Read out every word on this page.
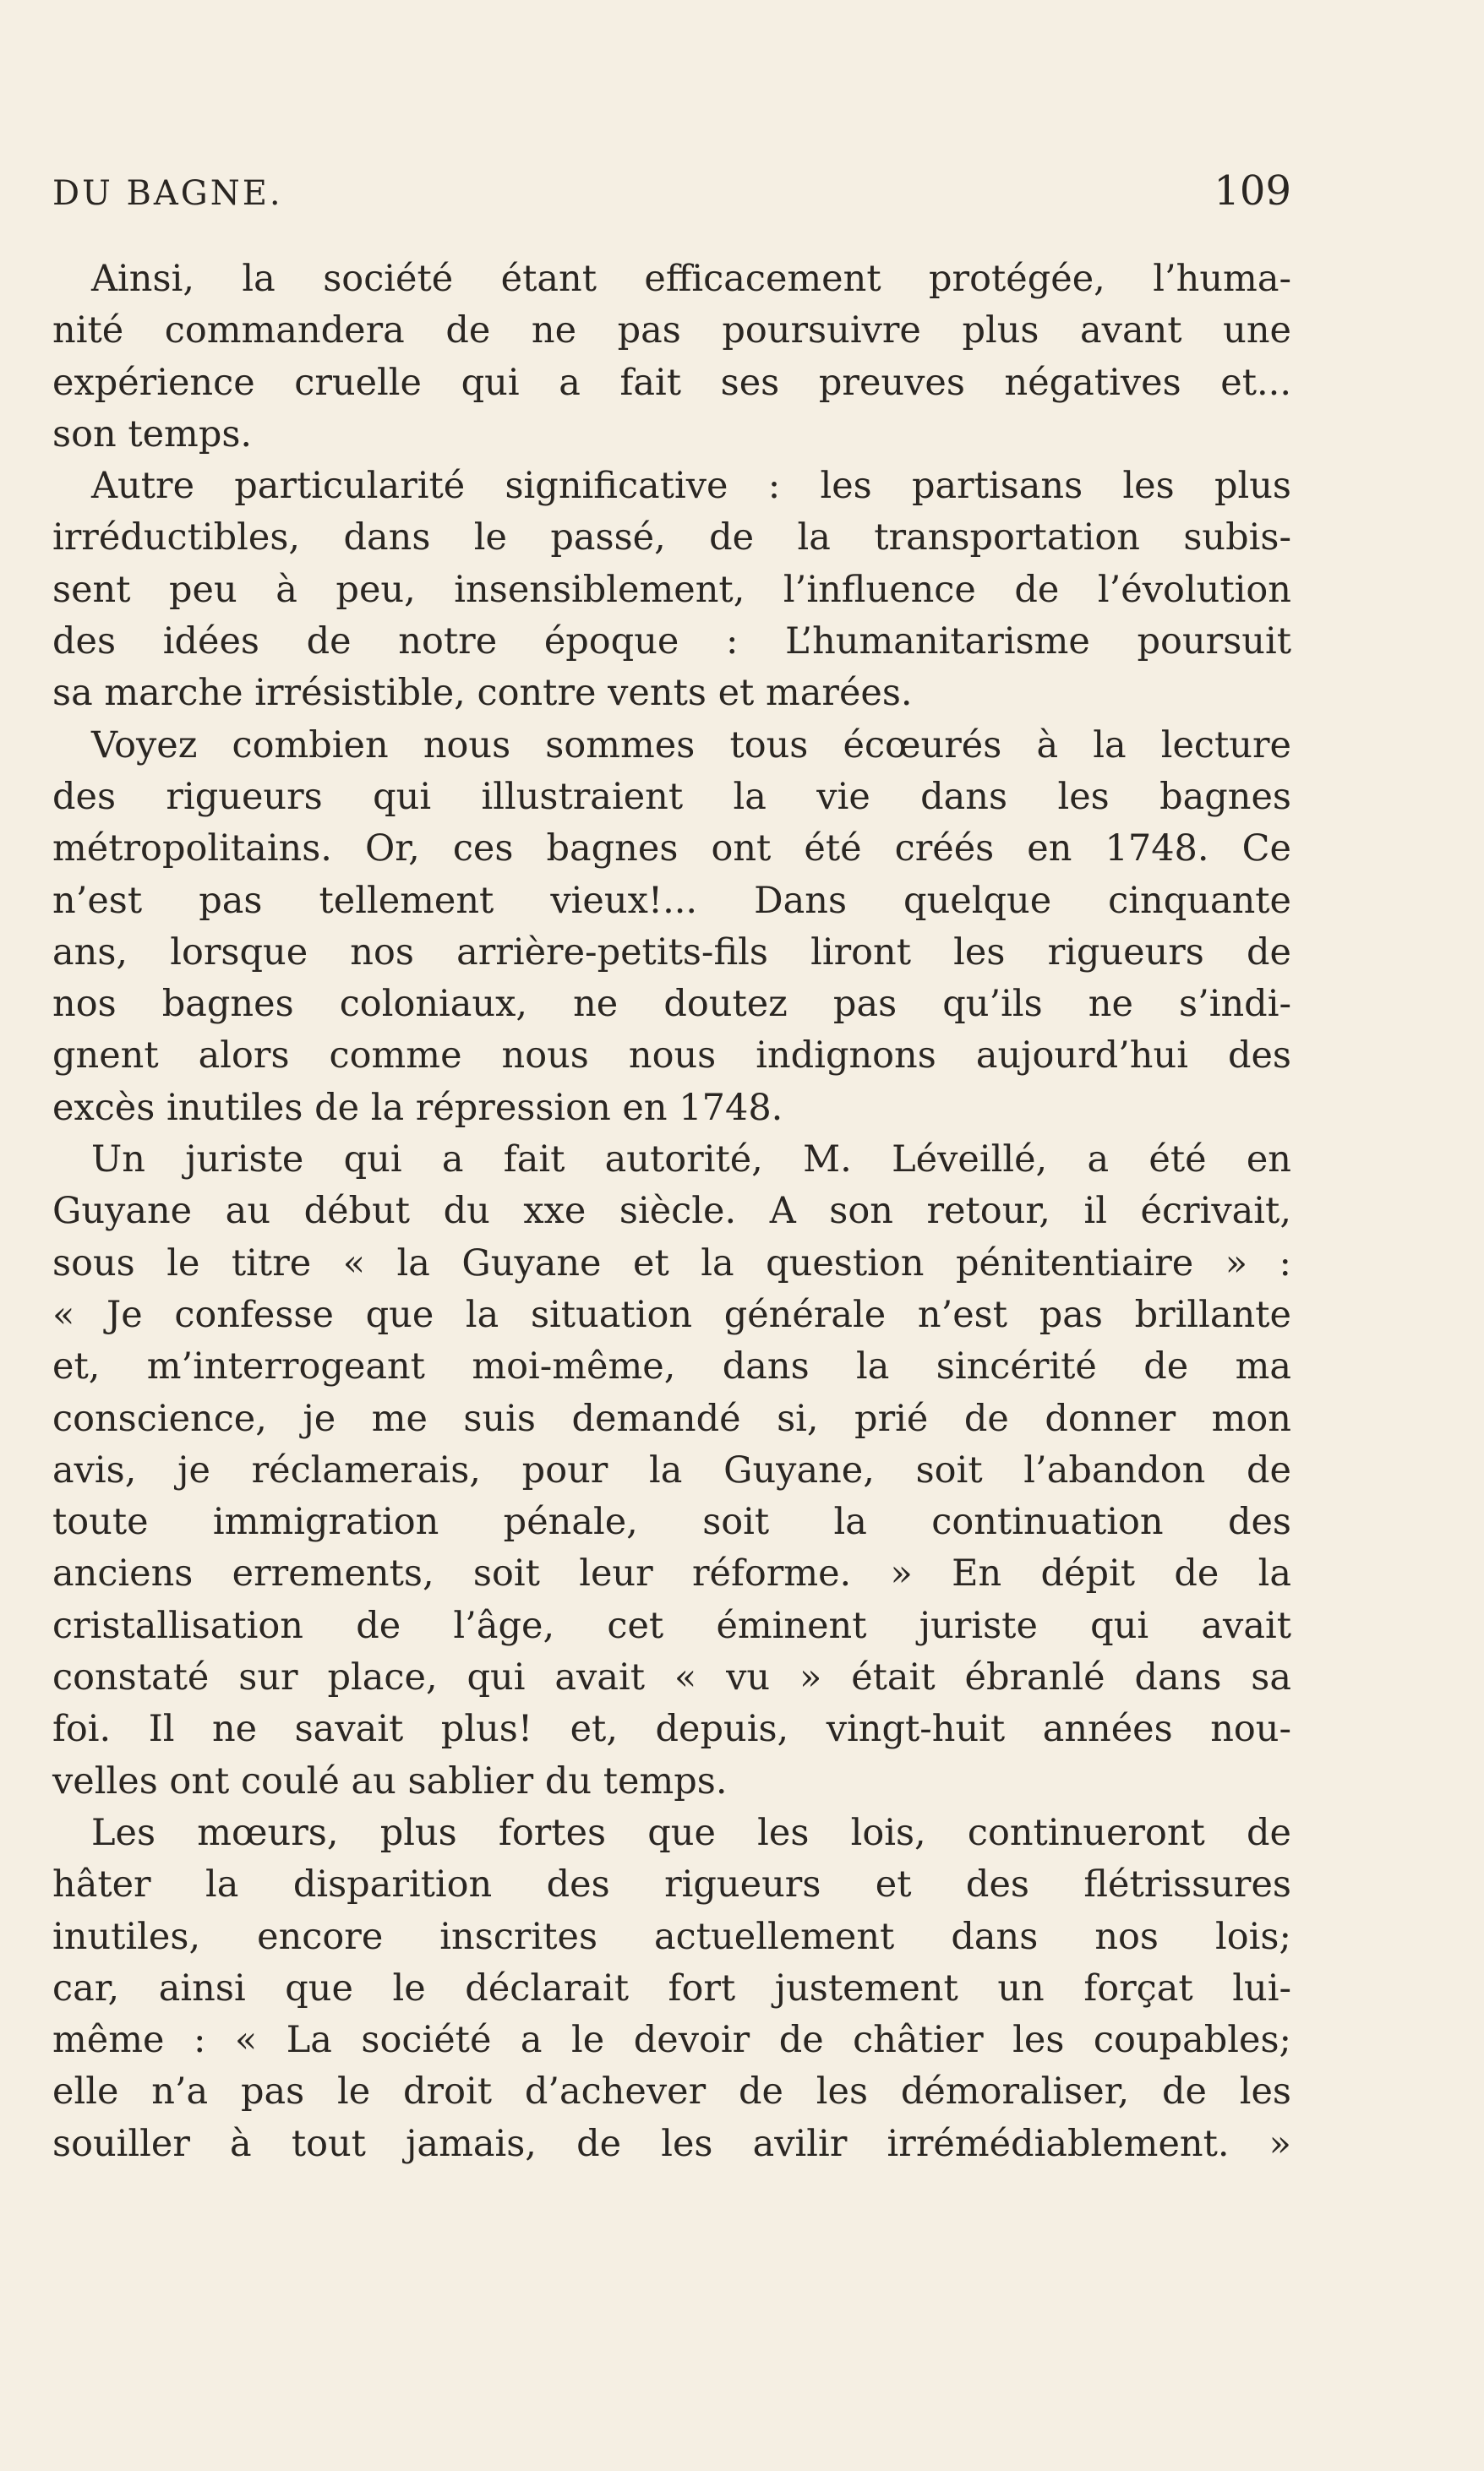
DU BAGNE.	109
Ainsi, la société étant efficacement protégée, l’huma-
nité commandera de ne pas poursuivre plus avant une
expérience cruelle qui a fait ses preuves négatives et...
son temps.
Autre particularité significative : les partisans les plus
irréductibles, dans le passé, de la transportation subis-
sent peu à peu, insensiblement, l’influence de l’évolution
des idées de notre époque : L’humanitarisme poursuit
sa marche irrésistible, contre vents et marées.
Voyez combien nous sommes tous écœurés à la lecture
des rigueurs qui illustraient la vie dans les bagnes
métropolitains. Or, ces bagnes ont été créés en 1748. Ce
n’est pas tellement vieux!... Dans quelque cinquante
ans, lorsque nos arrière-petits-fils liront les rigueurs de
nos bagnes coloniaux, ne doutez pas qu’ils ne s’indi-
gnent alors comme nous nous indignons aujourd’hui des
excès inutiles de la répression en 1748.
Un juriste qui a fait autorité, M. Léveillé, a été en
Guyane au début du xxe siècle. A son retour, il écrivait,
sous le titre « la Guyane et la question pénitentiaire » :
« Je confesse que la situation générale n’est pas brillante
et, m’interrogeant moi-même, dans la sincérité de ma
conscience, je me suis demandé si, prié de donner mon
avis, je réclamerais, pour la Guyane, soit l’abandon de
toute immigration pénale, soit la continuation des
anciens errements, soit leur réforme. » En dépit de la
cristallisation de l’âge, cet éminent juriste qui avait
constaté sur place, qui avait « vu » était ébranlé dans sa
foi. Il ne savait plus! et, depuis, vingt-huit années nou-
velles ont coulé au sablier du temps.
Les mœurs, plus fortes que les lois, continueront de
hâter la disparition des rigueurs et des flétrissures
inutiles, encore inscrites actuellement dans nos lois;
car, ainsi que le déclarait fort justement un forçat lui-
même : « La société a le devoir de châtier les coupables;
elle n’a pas le droit d’achever de les démoraliser, de les
souiller à tout jamais, de les avilir irrémédiablement. »
